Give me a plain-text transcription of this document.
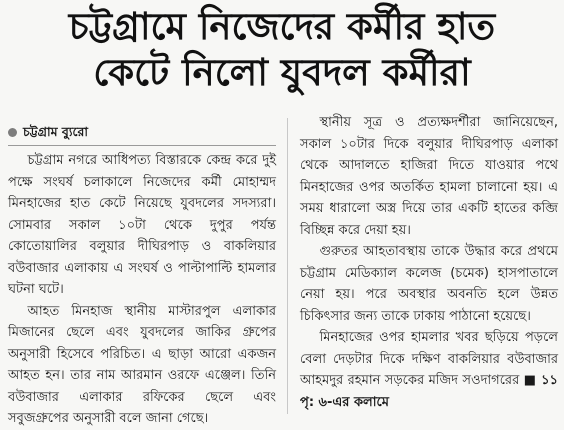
চট্টগ্রামে নিজেদের কর্মীর হাত
কেটে নিলো যুবদল কর্মীরা
চট্টগ্রাম ব্যুরো

চট্টগ্রাম নগরে আধিপত্য বিস্তারকে কেন্দ্র করে দুই পক্ষে সংঘর্ষ চলাকালে নিজেদের কর্মী মোহাম্মদ মিনহাজের হাত কেটে নিয়েছে যুবদলের সদস্যরা। সোমবার সকাল ১০টা থেকে দুপুর পর্যন্ত কোতোয়ালির বলুয়ার দীঘিরপাড় ও বাকলিয়ার বউবাজার এলাকায় এ সংঘর্ষ ও পাল্টাপাল্টি হামলার ঘটনা ঘটে।

আহত মিনহাজ স্থানীয় মাস্টারপুল এলাকার মিজানের ছেলে এবং যুবদলের জাকির গ্রুপের অনুসারী হিসেবে পরিচিত। এ ছাড়া আরো একজন আহত হন। তার নাম আরমান ওরফে এঞ্জেল। তিনি বউবাজার এলাকার রফিকের ছেলে এবং সবুজগ্রুপের অনুসারী বলে জানা গেছে।

স্থানীয় সূত্র ও প্রত্যক্ষদর্শীরা জানিয়েছেন, সকাল ১০টার দিকে বলুয়ার দীঘিরপাড় এলাকা থেকে আদালতে হাজিরা দিতে যাওয়ার পথে মিনহাজের ওপর অতর্কিত হামলা চালানো হয়। এ সময় ধারালো অস্ত্র দিয়ে তার একটি হাতের কব্জি বিচ্ছিন্ন করে দেয়া হয়।

গুরুতর আহতাবস্থায় তাকে উদ্ধার করে প্রথমে চট্টগ্রাম মেডিক্যাল কলেজ (চমেক) হাসপাতালে নেয়া হয়। পরে অবস্থার অবনতি হলে উন্নত চিকিৎসার জন্য তাকে ঢাকায় পাঠানো হয়েছে।

মিনহাজের ওপর হামলার খবর ছড়িয়ে পড়লে বেলা দেড়টার দিকে দক্ষিণ বাকলিয়ার বউবাজার আহমদুর রহমান সড়কের মজিদ সওদাগরের ■ ১১ পৃ: ৬-এর কলামে
